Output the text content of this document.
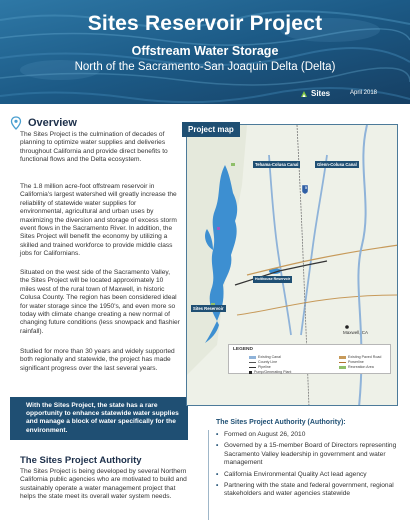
Sites Reservoir Project
Offstream Water Storage
North of the Sacramento-San Joaquin Delta (Delta)
Sites	April 2018
Overview

The Sites Project is the culmination of decades of planning to optimize water supplies and deliveries throughout California and provide direct benefits to functional flows and the Delta ecosystem.

The 1.8 million acre-foot offstream reservoir in California's largest watershed will greatly increase the reliability of statewide water supplies for environmental, agricultural and urban uses by maximizing the diversion and storage of excess storm event flows in the Sacramento River. In addition, the Sites Project will benefit the economy by utilizing a skilled and trained workforce to provide middle class jobs for Californians.

Situated on the west side of the Sacramento Valley, the Sites Project will be located approximately 10 miles west of the rural town of Maxwell, in historic Colusa County. The region has been considered ideal for water storage since the 1950's, and even more so today with climate change creating a new normal of changing future conditions (less snowpack and flashier rainfall).

Studied for more than 30 years and widely supported both regionally and statewide, the project has made significant progress over the last several years.

With the Sites Project, the state has a rare opportunity to enhance statewide water supplies and manage a block of water specifically for the environment.
The Sites Project Authority

The Sites Project is being developed by several Northern California public agencies who are motivated to build and sustainably operate a water management project that helps the state meet its overall water system needs.

Tehama-Colusa Canal	Glenn-Colusa Canal
Sites Reservoir
Holthouse Reservoir
Maxwell, CA
5
Project map
LEGEND
Existing Canal	Existing Paved Road
County Line	Powerline
Pipeline	Recreation Area
Pump/Generating Plant
The Sites Project Authority (Authority):
• Formed on August 26, 2010
• Governed by a 15-member Board of Directors representing Sacramento Valley leadership in government and water management
• California Environmental Quality Act lead agency
• Partnering with the state and federal government, regional stakeholders and water agencies statewide
